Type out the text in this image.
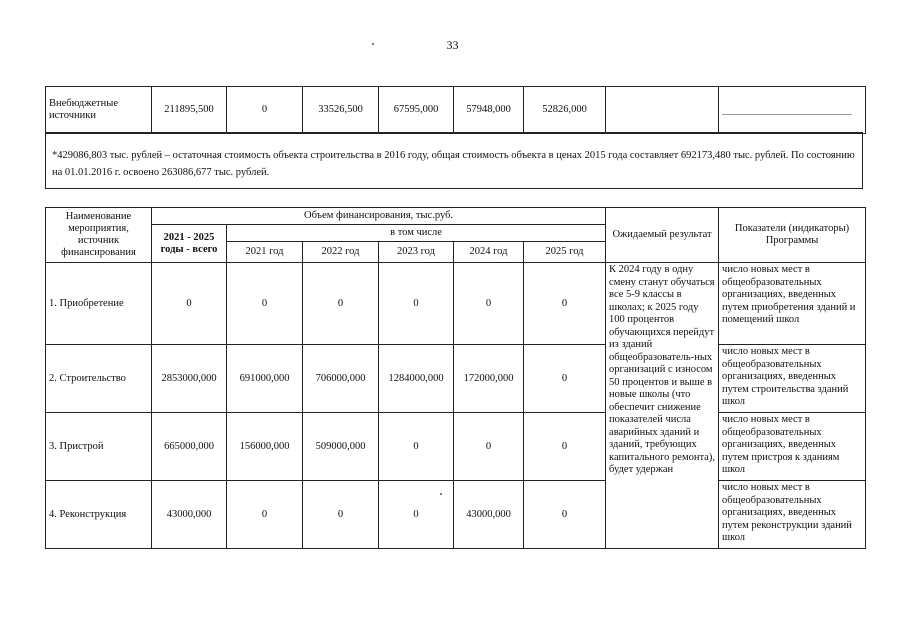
33
Внебюджетные источники	211895,500	0	33526,500	67595,000	57948,000	52826,000		
*429086,803 тыс. рублей – остаточная стоимость объекта строительства в 2016 году, общая стоимость объекта в ценах 2015 года составляет 692173,480 тыс. рублей. По состоянию на 01.01.2016 г. освоено 263086,677 тыс. рублей.
Наименование мероприятия, источник финансирования	Объем финансирования, тыс.руб.						Ожидаемый результат	Показатели (индикаторы) Программы
	2021 - 2025 годы - всего	в том числе						
		2021 год	2022 год	2023 год	2024 год	2025 год		
1. Приобретение	0	0	0	0	0	0	К 2024 году в одну смену станут обучаться все 5-9 классы в школах; к 2025 году 100 процентов обучающихся перейдут из зданий общеобразователь-ных организаций с износом 50 процентов и выше в новые школы (что обеспечит снижение показателей числа аварийных зданий и зданий, требующих капитального ремонта), будет удержан	число новых мест в общеобразовательных организациях, введенных путем приобретения зданий и помещений школ
2. Строительство	2853000,000	691000,000	706000,000	1284000,000	172000,000	0		число новых мест в общеобразовательных организациях, введенных путем строительства зданий школ
3. Пристрой	665000,000	156000,000	509000,000	0	0	0		число новых мест в общеобразовательных организациях, введенных путем пристроя к зданиям школ
4. Реконструкция	43000,000	0	0	0	43000,000	0		число новых мест в общеобразовательных организациях, введенных путем реконструкции зданий школ
